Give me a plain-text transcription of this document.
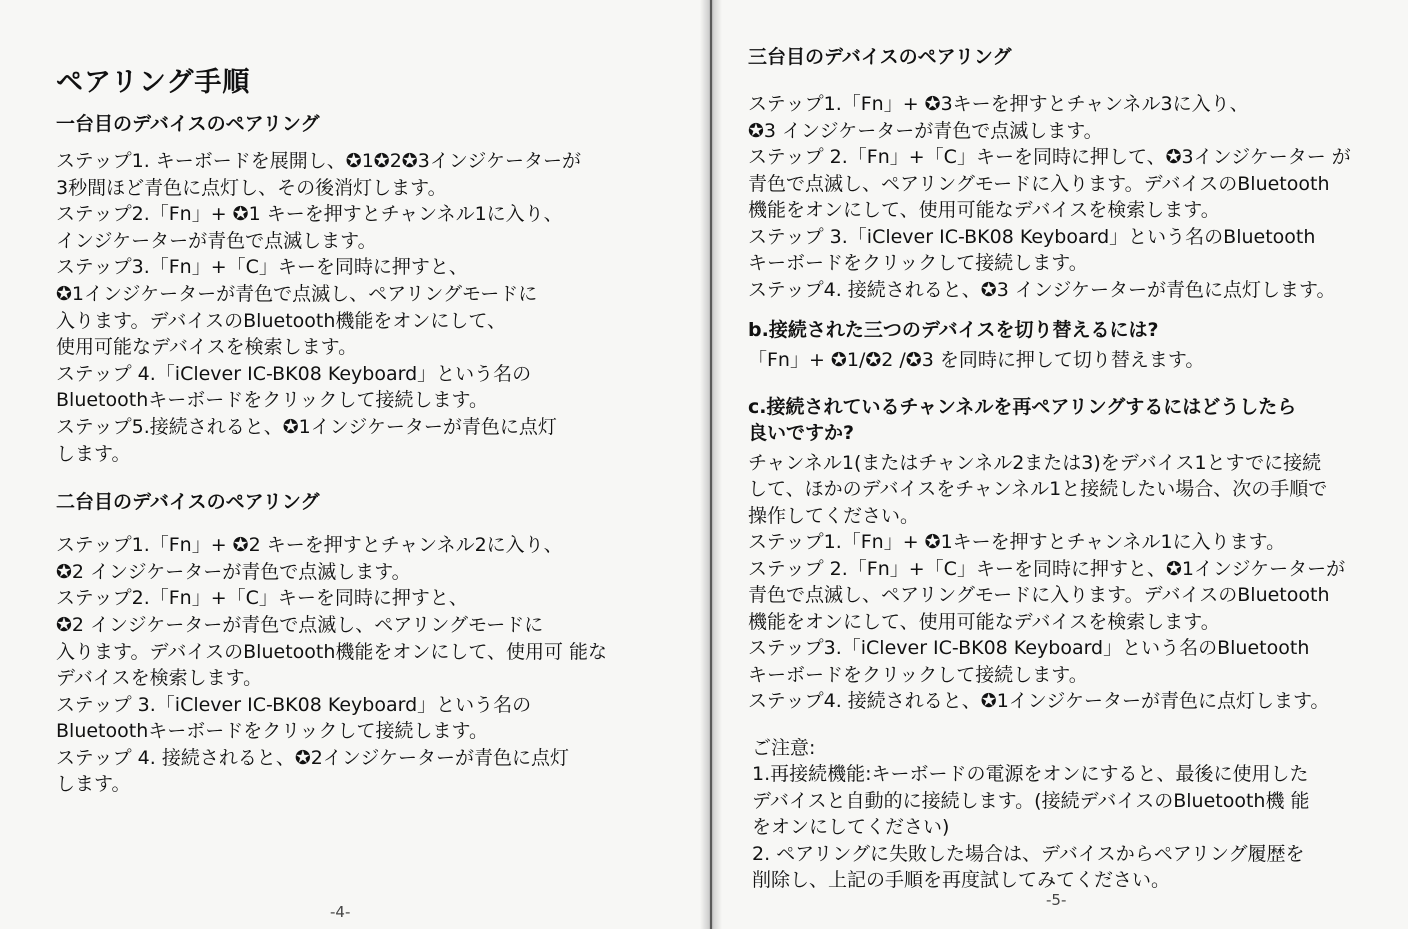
ペアリング手順
一台目のデバイスのペアリング
ステップ1. キーボードを展開し、✪1✪2✪3インジケーターが
3秒間ほど青色に点灯し、その後消灯します。
ステップ2.「Fn」+ ✪1 キーを押すとチャンネル1に入り、
インジケーターが青色で点滅します。
ステップ3.「Fn」+「C」キーを同時に押すと、
✪1インジケーターが青色で点滅し、ペアリングモードに
入ります。デバイスのBluetooth機能をオンにして、
使用可能なデバイスを検索します。
ステップ 4.「iClever IC-BK08 Keyboard」という名の
Bluetoothキーボードをクリックして接続します。
ステップ5.接続されると、✪1インジケーターが青色に点灯
します。
二台目のデバイスのペアリング
ステップ1.「Fn」+ ✪2 キーを押すとチャンネル2に入り、
✪2 インジケーターが青色で点滅します。
ステップ2.「Fn」+「C」キーを同時に押すと、
✪2 インジケーターが青色で点滅し、ペアリングモードに
入ります。デバイスのBluetooth機能をオンにして、使用可 能な
デバイスを検索します。
ステップ 3.「iClever IC-BK08 Keyboard」という名の
Bluetoothキーボードをクリックして接続します。
ステップ 4. 接続されると、✪2インジケーターが青色に点灯
します。
-4-
三台目のデバイスのペアリング
ステップ1.「Fn」+ ✪3キーを押すとチャンネル3に入り、
✪3 インジケーターが青色で点滅します。
ステップ 2.「Fn」+「C」キーを同時に押して、✪3インジケーター が
青色で点滅し、ペアリングモードに入ります。デバイスのBluetooth
機能をオンにして、使用可能なデバイスを検索します。
ステップ 3.「iClever IC-BK08 Keyboard」という名のBluetooth
キーボードをクリックして接続します。
ステップ4. 接続されると、✪3 インジケーターが青色に点灯します。
b.接続された三つのデバイスを切り替えるには?
「Fn」+ ✪1/✪2 /✪3 を同時に押して切り替えます。
c.接続されているチャンネルを再ペアリングするにはどうしたら
良いですか?
チャンネル1(またはチャンネル2または3)をデバイス1とすでに接続
して、ほかのデバイスをチャンネル1と接続したい場合、次の手順で
操作してください。
ステップ1.「Fn」+ ✪1キーを押すとチャンネル1に入ります。
ステップ 2.「Fn」+「C」キーを同時に押すと、✪1インジケーターが
青色で点滅し、ペアリングモードに入ります。デバイスのBluetooth
機能をオンにして、使用可能なデバイスを検索します。
ステップ3.「iClever IC-BK08 Keyboard」という名のBluetooth
キーボードをクリックして接続します。
ステップ4. 接続されると、✪1インジケーターが青色に点灯します。
ご注意:
1.再接続機能:キーボードの電源をオンにすると、最後に使用した
デバイスと自動的に接続します。(接続デバイスのBluetooth機 能
をオンにしてください)
2. ペアリングに失敗した場合は、デバイスからペアリング履歴を
削除し、上記の手順を再度試してみてください。
-5-
